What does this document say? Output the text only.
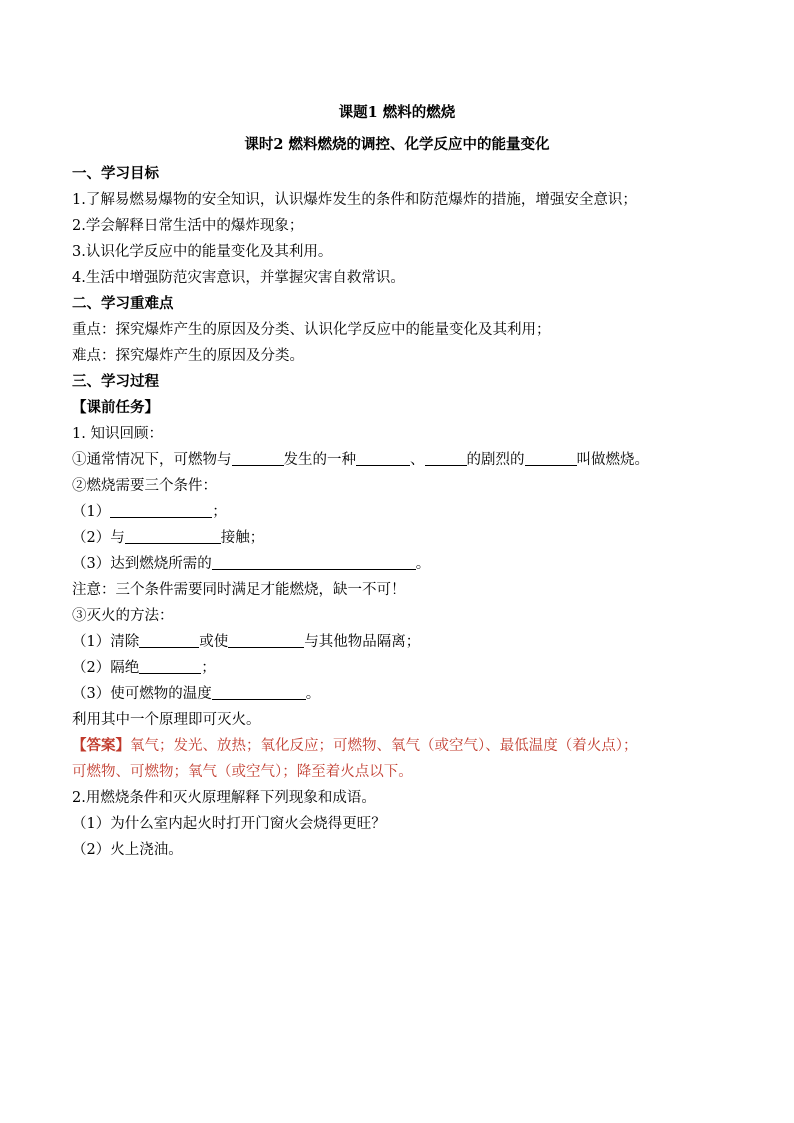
课题1 燃料的燃烧
课时2 燃料燃烧的调控、化学反应中的能量变化
一、学习目标
1.了解易燃易爆物的安全知识，认识爆炸发生的条件和防范爆炸的措施，增强安全意识；
2.学会解释日常生活中的爆炸现象；
3.认识化学反应中的能量变化及其利用。
4.生活中增强防范灾害意识，并掌握灾害自救常识。
二、学习重难点
重点：探究爆炸产生的原因及分类、认识化学反应中的能量变化及其利用；
难点：探究爆炸产生的原因及分类。
三、学习过程
【课前任务】
1. 知识回顾：
①通常情况下，可燃物与	发生的一种	、	的剧烈的	叫做燃烧。
②燃烧需要三个条件：
（1）	；
（2）与	接触；
（3）达到燃烧所需的	。
注意：三个条件需要同时满足才能燃烧，缺一不可！
③灭火的方法：
（1）清除	或使	与其他物品隔离；
（2）隔绝	；
（3）使可燃物的温度	。
利用其中一个原理即可灭火。
【答案】氧气；发光、放热；氧化反应；可燃物、氧气（或空气）、最低温度（着火点）；
可燃物、可燃物；氧气（或空气）；降至着火点以下。
2.用燃烧条件和灭火原理解释下列现象和成语。
（1）为什么室内起火时打开门窗火会烧得更旺？
（2）火上浇油。
